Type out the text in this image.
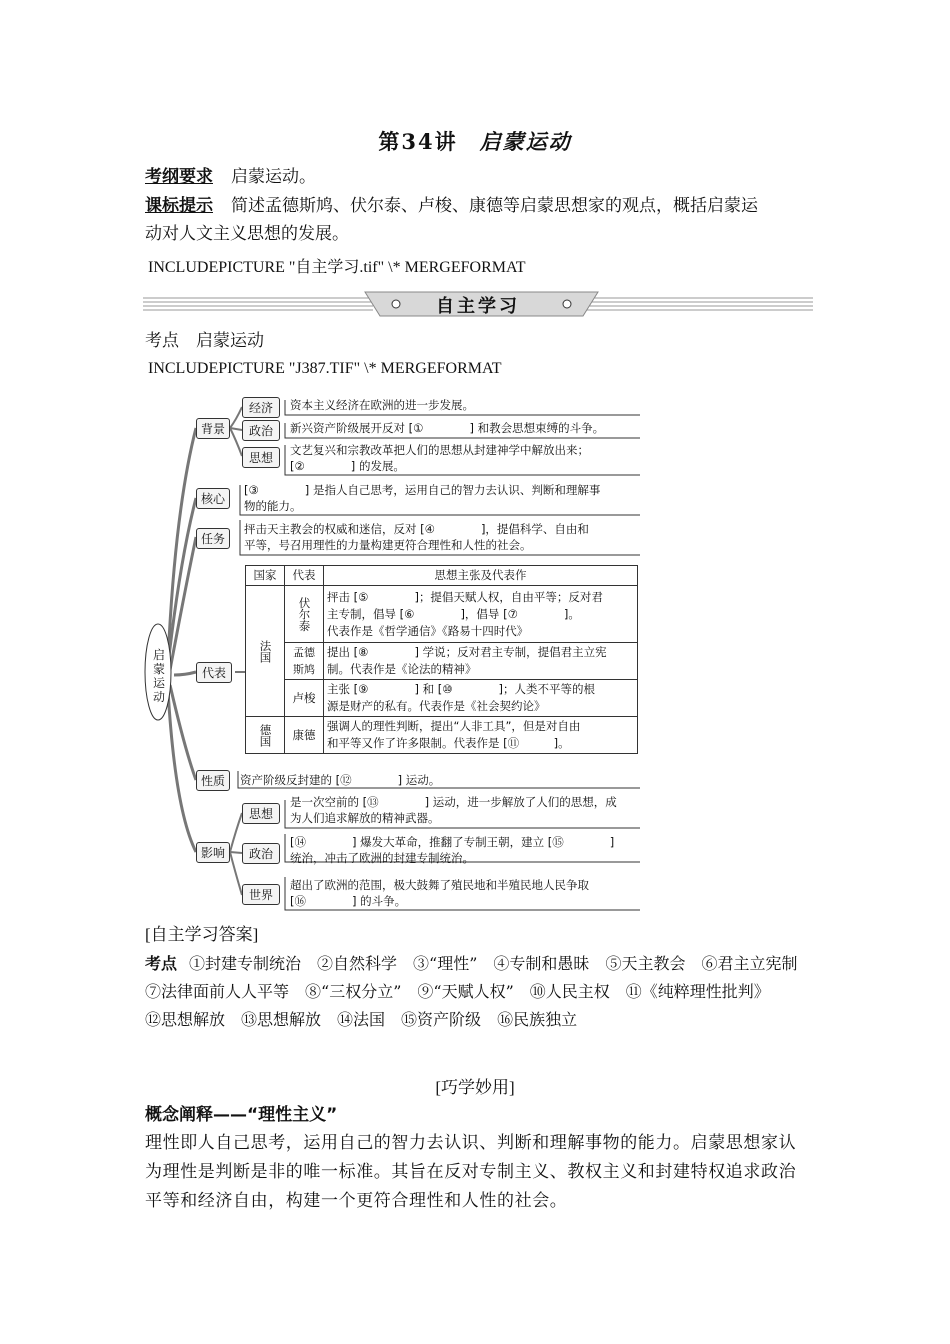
第34讲 启蒙运动
考纲要求 启蒙运动。
课标提示 简述孟德斯鸠、伏尔泰、卢梭、康德等启蒙思想家的观点，概括启蒙运
动对人文主义思想的发展。
INCLUDEPICTURE "自主学习.tif" \* MERGEFORMAT
自主学习
考点　启蒙运动
INCLUDEPICTURE "J387.TIF" \* MERGEFORMAT
启蒙运动
背景
经济	资本主义经济在欧洲的进一步发展。
政治	新兴资产阶级展开反对 [①　　　　] 和教会思想束缚的斗争。
思想
文艺复兴和宗教改革把人们的思想从封建神学中解放出来；
[②　　　　] 的发展。
核心
[③　　　　] 是指人自己思考，运用自己的智力去认识、判断和理解事
物的能力。
任务
抨击天主教会的权威和迷信，反对 [④　　　　]，提倡科学、自由和
平等，号召用理性的力量构建更符合理性和人性的社会。
代表
国家	代表	思想主张及代表作
法国	伏尔泰	抨击 [⑤　　　　]；提倡天赋人权，自由平等；反对君
主专制，倡导 [⑥　　　　]，倡导 [⑦　　　　]。
代表作是《哲学通信》《路易十四时代》

	孟德斯鸠	提出 [⑧　　　　] 学说；反对君主专制，提倡君主立宪
制。代表作是《论法的精神》

	卢梭	主张 [⑨　　　　] 和 [⑩　　　　]；人类不平等的根
源是财产的私有。代表作是《社会契约论》

德国	康德	强调人的理性判断，提出“人非工具”，但是对自由
和平等又作了许多限制。代表作是 [⑪　　　]。
性质	资产阶级反封建的 [⑫　　　　] 运动。
影响
思想
是一次空前的 [⑬　　　　] 运动，进一步解放了人们的思想，成
为人们追求解放的精神武器。
政治
[⑭　　　　] 爆发大革命，推翻了专制王朝，建立 [⑮　　　　]
统治，冲击了欧洲的封建专制统治。
世界
超出了欧洲的范围，极大鼓舞了殖民地和半殖民地人民争取
[⑯　　　　] 的斗争。
[自主学习答案]
考点 ①封建专制统治 ②自然科学 ③“理性” ④专制和愚昧 ⑤天主教会 ⑥君主立宪制⑦法律面前人人平等 ⑧“三权分立” ⑨“天赋人权” ⑩人民主权 ⑪《纯粹理性批判》⑫思想解放 ⑬思想解放 ⑭法国 ⑮资产阶级 ⑯民族独立
[巧学妙用]
概念阐释——“理性主义”
理性即人自己思考，运用自己的智力去认识、判断和理解事物的能力。启蒙思想家认为理性是判断是非的唯一标准。其旨在反对专制主义、教权主义和封建特权追求政治平等和经济自由，构建一个更符合理性和人性的社会。
